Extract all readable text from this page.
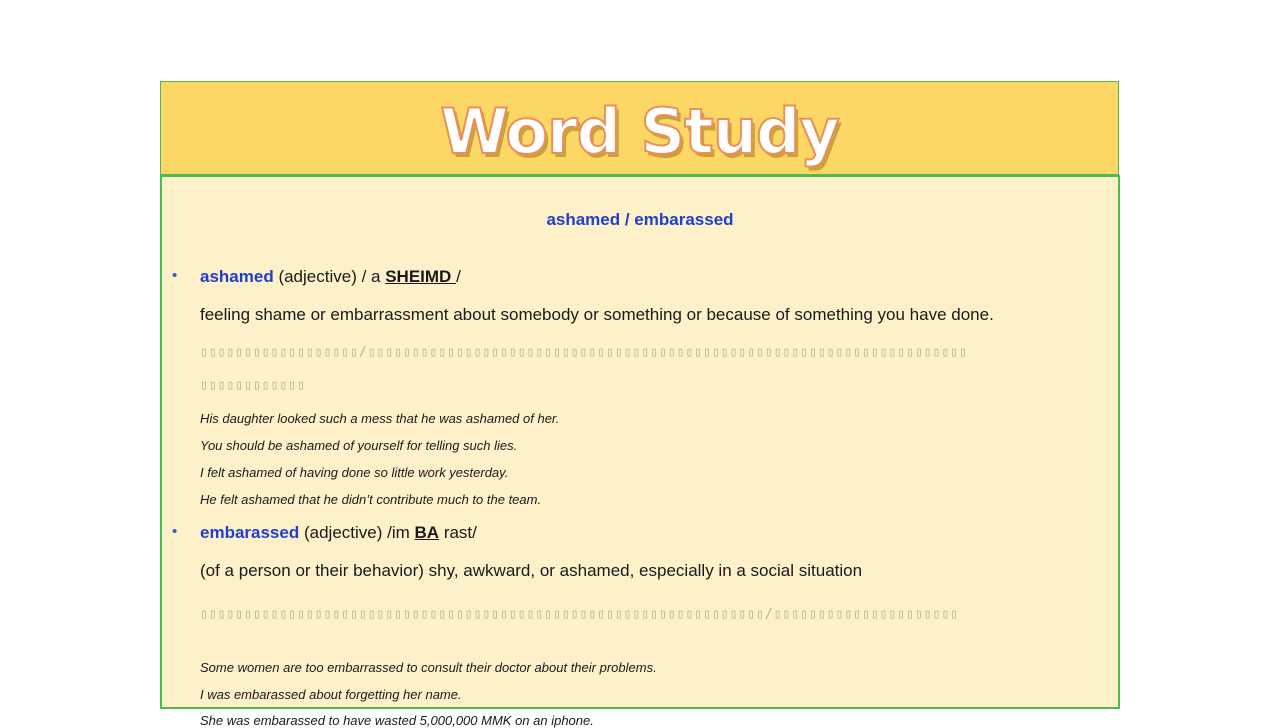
Word Study
ashamed / embarassed
• ashamed (adjective) / a SHEIMD /
feeling shame or embarrassment about somebody or something or because of something you have done.
▯▯▯▯▯▯▯▯▯▯▯▯▯▯▯▯▯▯/▯▯▯▯▯▯▯▯▯▯▯▯▯▯▯▯▯▯▯▯▯▯▯▯▯▯▯▯▯▯▯▯▯▯▯▯▯▯▯▯▯▯▯▯▯▯▯▯▯▯▯▯▯▯▯▯▯▯▯▯▯▯▯▯▯▯▯▯
▯▯▯▯▯▯▯▯▯▯▯▯
His daughter looked such a mess that he was ashamed of her.
You should be ashamed of yourself for telling such lies.
I felt ashamed of having done so little work yesterday.
He felt ashamed that he didn’t contribute much to the team.
• embarassed (adjective) /im BA rast/
(of a person or their behavior) shy, awkward, or ashamed, especially in a social situation
▯▯▯▯▯▯▯▯▯▯▯▯▯▯▯▯▯▯▯▯▯▯▯▯▯▯▯▯▯▯▯▯▯▯▯▯▯▯▯▯▯▯▯▯▯▯▯▯▯▯▯▯▯▯▯▯▯▯▯▯▯▯▯▯/▯▯▯▯▯▯▯▯▯▯▯▯▯▯▯▯▯▯▯▯▯
Some women are too embarrassed to consult their doctor about their problems.
I was embarassed about forgetting her name.
She was embarassed to have wasted 5,000,000 MMK on an iphone.
